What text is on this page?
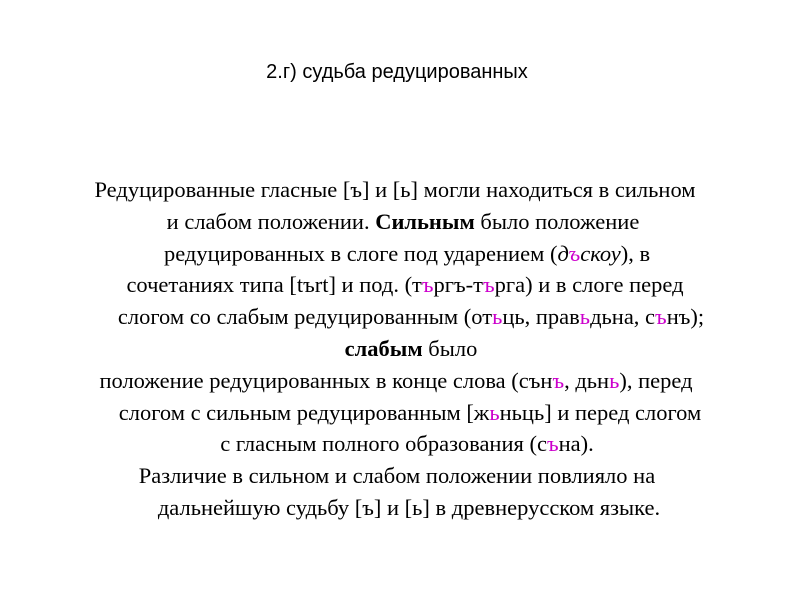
2.г) судьба редуцированных
Редуцированные гласные [ъ] и [ь] могли находиться в сильном
и слабом положении. Сильным было положение
редуцированных в слоге под ударением (дъскоу), в
сочетаниях типа [tъrt] и под. (търгъ-търга) и в слоге перед
слогом со слабым редуцированным (отьць, правьдьна, сънъ);
слабым было
положение редуцированных в конце слова (сънъ, дьнь), перед
слогом с сильным редуцированным [жьньць] и перед слогом
с гласным полного образования (съна).
Различие в сильном и слабом положении повлияло на
дальнейшую судьбу [ъ] и [ь] в древнерусском языке.
